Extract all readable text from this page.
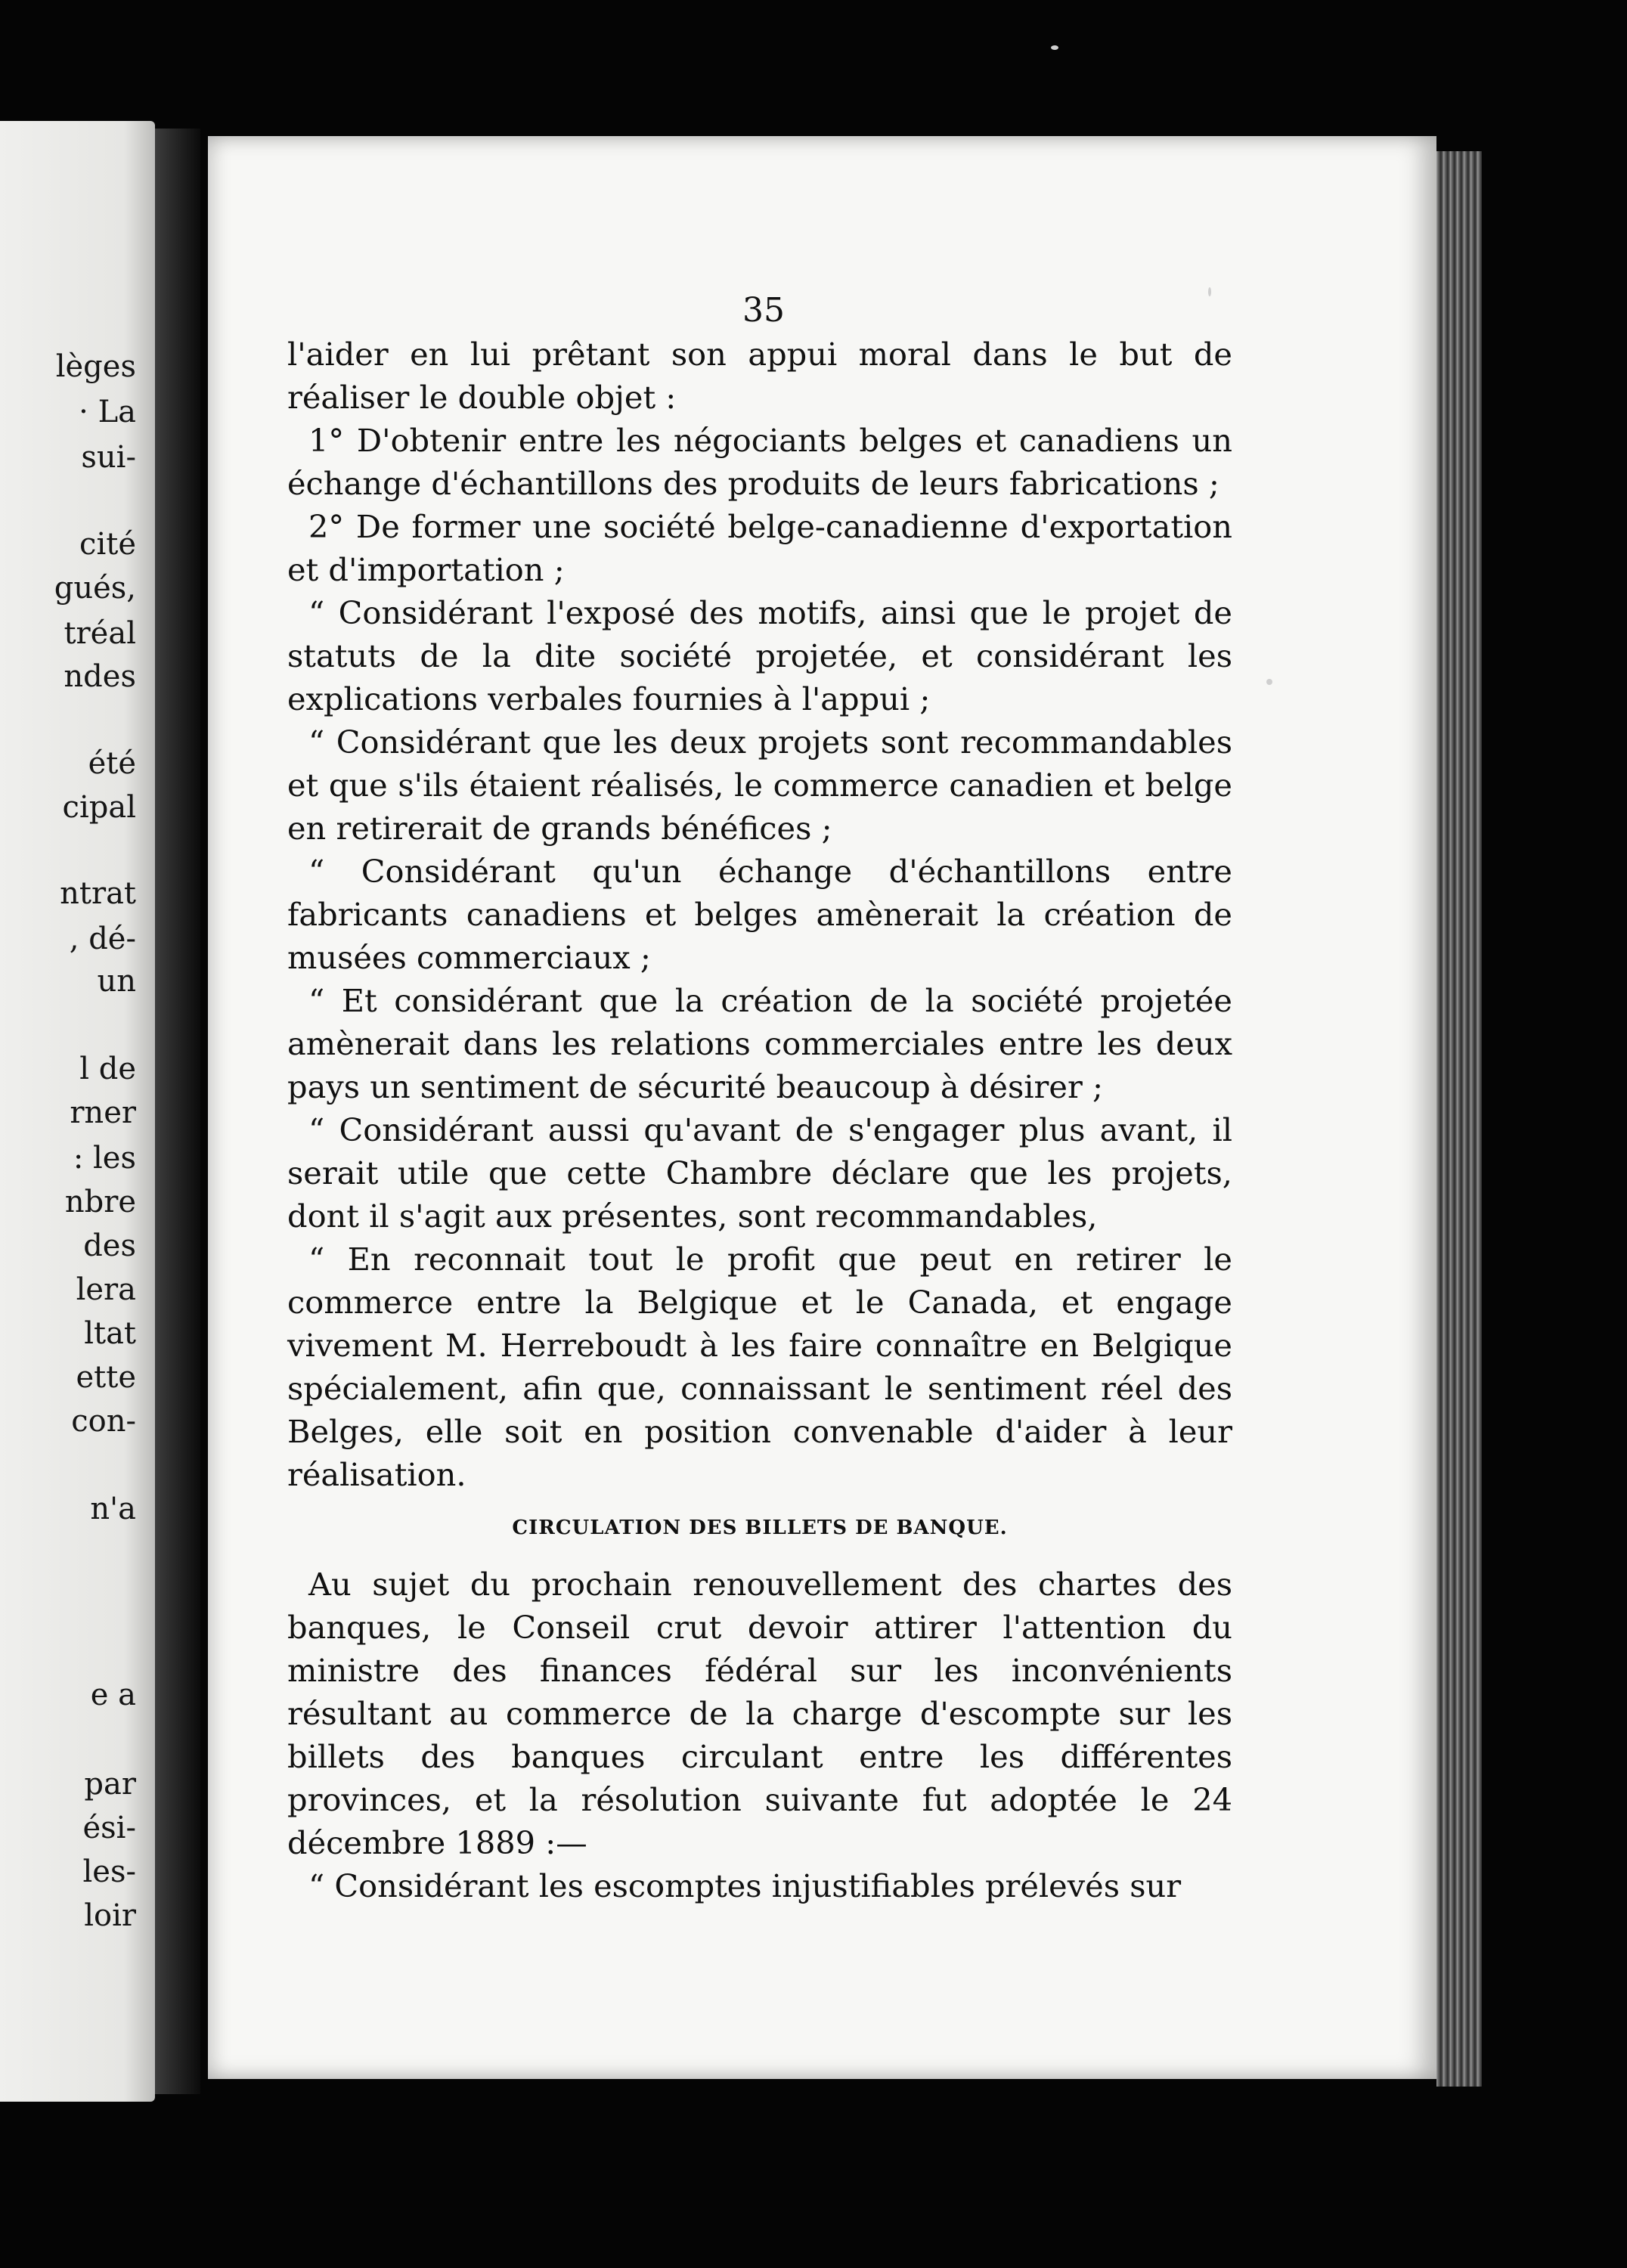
lèges

· La

sui-

cité

gués,

tréal

ndes

été

cipal

ntrat

, dé-

un

l de

rner

: les

nbre

des

lera

ltat

ette

con-

n'a

e a

par

ési-

les-

loir

35

l'aider en lui prêtant son appui moral dans le but de réaliser le double objet :

1° D'obtenir entre les négociants belges et canadiens un échange d'échantillons des produits de leurs fabrications ;

2° De former une société belge-canadienne d'exportation et d'importation ;

“ Considérant l'exposé des motifs, ainsi que le projet de statuts de la dite société projetée, et considérant les explications verbales fournies à l'appui ;

“ Considérant que les deux projets sont recommandables et que s'ils étaient réalisés, le commerce canadien et belge en retirerait de grands bénéfices ;

“ Considérant qu'un échange d'échantillons entre fabricants canadiens et belges amènerait la création de musées commerciaux ;

“ Et considérant que la création de la société projetée amènerait dans les relations commerciales entre les deux pays un sentiment de sécurité beaucoup à désirer ;

“ Considérant aussi qu'avant de s'engager plus avant, il serait utile que cette Chambre déclare que les projets, dont il s'agit aux présentes, sont recommandables,

“ En reconnait tout le profit que peut en retirer le commerce entre la Belgique et le Canada, et engage vivement M. Herreboudt à les faire connaître en Belgique spécialement, afin que, connaissant le sentiment réel des Belges, elle soit en position convenable d'aider à leur réalisation.

CIRCULATION DES BILLETS DE BANQUE.

Au sujet du prochain renouvellement des chartes des banques, le Conseil crut devoir attirer l'attention du ministre des finances fédéral sur les inconvénients résultant au commerce de la charge d'escompte sur les billets des banques circulant entre les différentes provinces, et la résolution suivante fut adoptée le 24 décembre 1889 :—

“ Considérant les escomptes injustifiables prélevés sur
